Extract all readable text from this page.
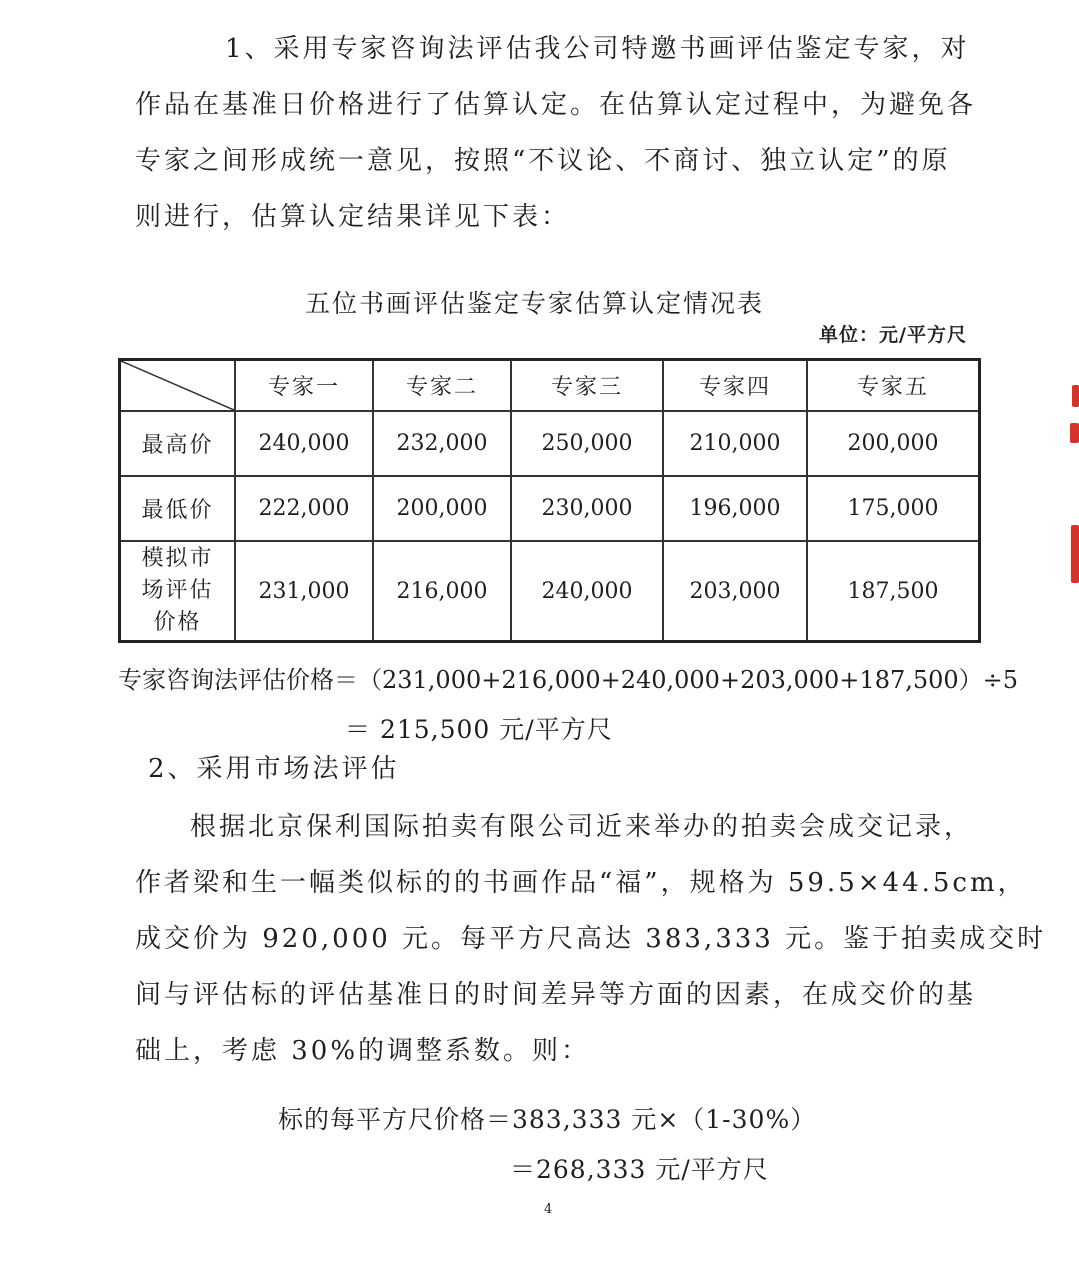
1、采用专家咨询法评估我公司特邀书画评估鉴定专家，对
作品在基准日价格进行了估算认定。在估算认定过程中，为避免各
专家之间形成统一意见，按照“不议论、不商讨、独立认定”的原
则进行，估算认定结果详见下表：
五位书画评估鉴定专家估算认定情况表
单位：元/平方尺
	专家一	专家二	专家三	专家四	专家五
最高价	240,000	232,000	250,000	210,000	200,000
最低价	222,000	200,000	230,000	196,000	175,000

模拟市
场评估
价格	231,000	216,000	240,000	203,000	187,500
专家咨询法评估价格＝（231,000+216,000+240,000+203,000+187,500）÷5
＝ 215,500 元/平方尺
2、采用市场法评估
根据北京保利国际拍卖有限公司近来举办的拍卖会成交记录，
作者梁和生一幅类似标的的书画作品“福”，规格为 59.5×44.5cm，
成交价为 920,000 元。每平方尺高达 383,333 元。鉴于拍卖成交时
间与评估标的评估基准日的时间差异等方面的因素，在成交价的基
础上，考虑 30%的调整系数。则：
标的每平方尺价格＝383,333 元×（1-30%）
＝268,333 元/平方尺
4
